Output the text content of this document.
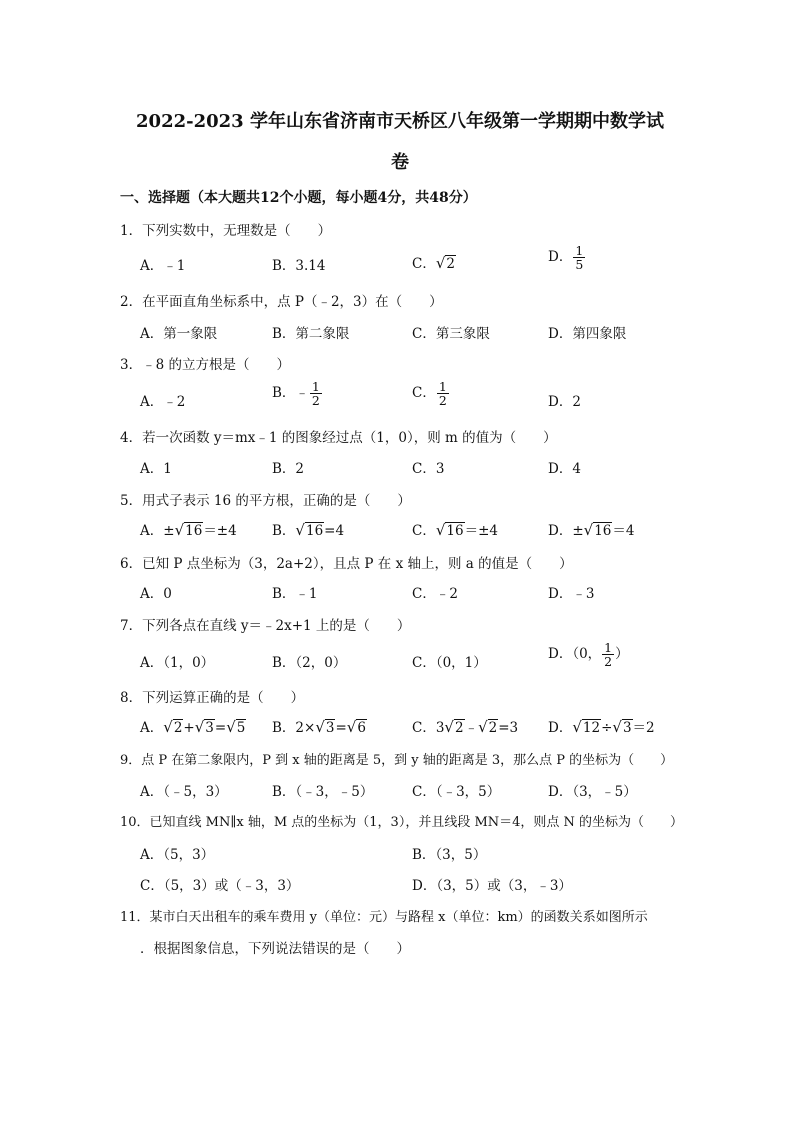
2022-2023 学年山东省济南市天桥区八年级第一学期期中数学试
卷
一、选择题（本大题共12个小题，每小题4分，共48分）
1．下列实数中，无理数是（　　）
A．﹣1	B．3.14	C．√2	D． $\frac{1}{5}$
2．在平面直角坐标系中，点 P（﹣2，3）在（　　）
A．第一象限	B．第二象限	C．第三象限	D．第四象限
3．﹣8 的立方根是（　　）
A．﹣2
B．﹣ $\frac{1}{2}$	C． $\frac{1}{2}$	D．2
4．若一次函数 y＝mx﹣1 的图象经过点（1，0），则 m 的值为（　　）
A．1	B．2	C．3	D．4
5．用式子表示 16 的平方根，正确的是（　　）
A．±√16＝±4	B．√16=4	C．√16＝±4	D．±√16＝4
6．已知 P 点坐标为（3，2a+2），且点 P 在 x 轴上，则 a 的值是（　　）
A．0	B．﹣1	C．﹣2	D．﹣3
7．下列各点在直线 y＝﹣2x+1 上的是（　　）
A．（1，0）	B．（2，0）	C．（0，1）
D．（0， $\frac{1}{2}$ ）
8．下列运算正确的是（　　）
A．√2+√3=√5 B．2×√3=√6	C．3√2﹣√2=3 D．√12÷√3＝2
9．点 P 在第二象限内，P 到 x 轴的距离是 5，到 y 轴的距离是 3，那么点 P 的坐标为（　　）
A．（﹣5，3）	B．（﹣3，﹣5）	C．（﹣3，5）	D．（3，﹣5）
10．已知直线 MN∥x 轴，M 点的坐标为（1，3），并且线段 MN＝4，则点 N 的坐标为（　　）
A．（5，3）	B．（3，5）
C．（5，3）或（﹣3，3）	D．（3，5）或（3，﹣3）
11．某市白天出租车的乘车费用 y（单位：元）与路程 x（单位：km）的函数关系如图所示
．根据图象信息，下列说法错误的是（　　）
